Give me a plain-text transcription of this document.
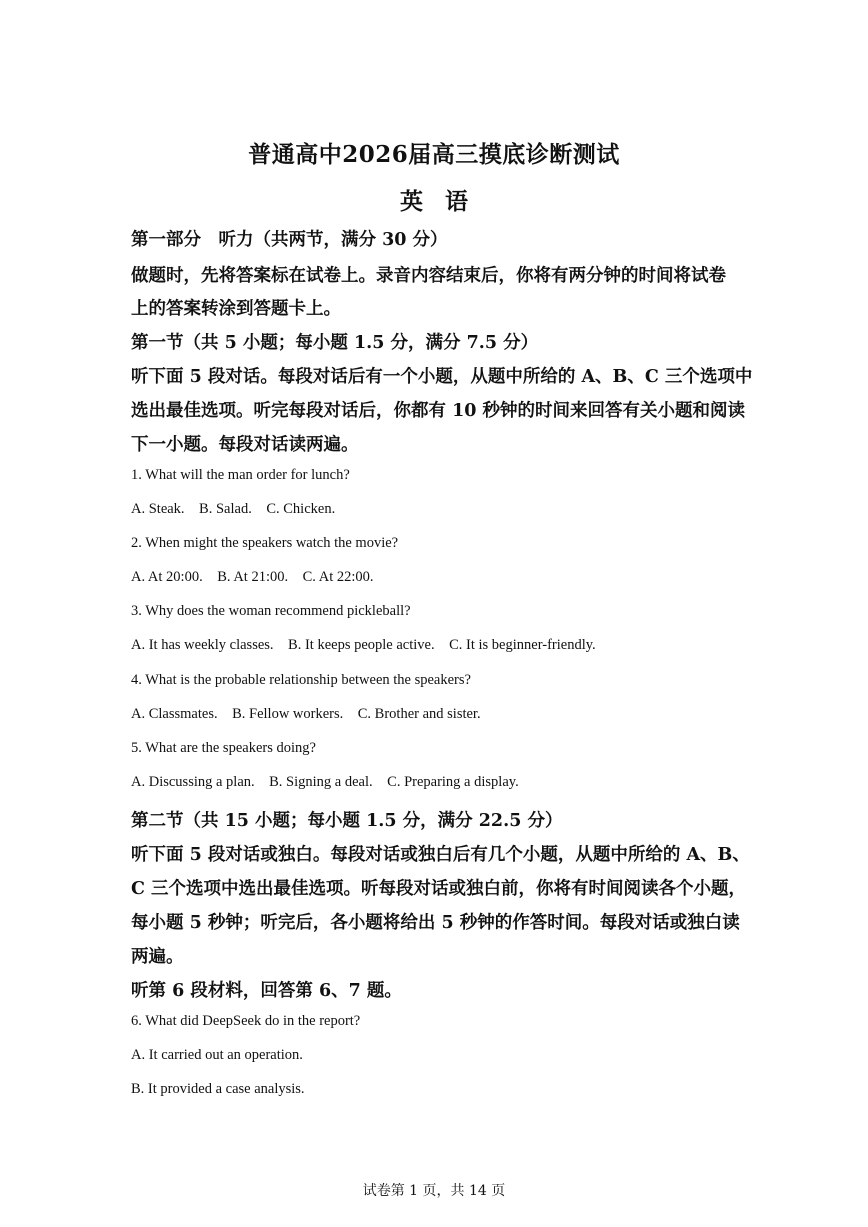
普通高中2026届高三摸底诊断测试
英语
第一部分　听力（共两节，满分 30 分）
做题时，先将答案标在试卷上。录音内容结束后，你将有两分钟的时间将试卷
上的答案转涂到答题卡上。
第一节（共 5 小题；每小题 1.5 分，满分 7.5 分）
听下面 5 段对话。每段对话后有一个小题，从题中所给的 A、B、C 三个选项中
选出最佳选项。听完每段对话后，你都有 10 秒钟的时间来回答有关小题和阅读
下一小题。每段对话读两遍。
1. What will the man order for lunch?
A. Steak.    B. Salad.    C. Chicken.
2. When might the speakers watch the movie?
A. At 20:00.    B. At 21:00.    C. At 22:00.
3. Why does the woman recommend pickleball?
A. It has weekly classes.    B. It keeps people active.    C. It is beginner-friendly.
4. What is the probable relationship between the speakers?
A. Classmates.    B. Fellow workers.    C. Brother and sister.
5. What are the speakers doing?
A. Discussing a plan.    B. Signing a deal.    C. Preparing a display.
第二节（共 15 小题；每小题 1.5 分，满分 22.5 分）
听下面 5 段对话或独白。每段对话或独白后有几个小题，从题中所给的 A、B、
C 三个选项中选出最佳选项。听每段对话或独白前，你将有时间阅读各个小题，
每小题 5 秒钟；听完后，各小题将给出 5 秒钟的作答时间。每段对话或独白读
两遍。
听第 6 段材料，回答第 6、7 题。
6. What did DeepSeek do in the report?
A. It carried out an operation.
B. It provided a case analysis.
试卷第 1 页，共 14 页
